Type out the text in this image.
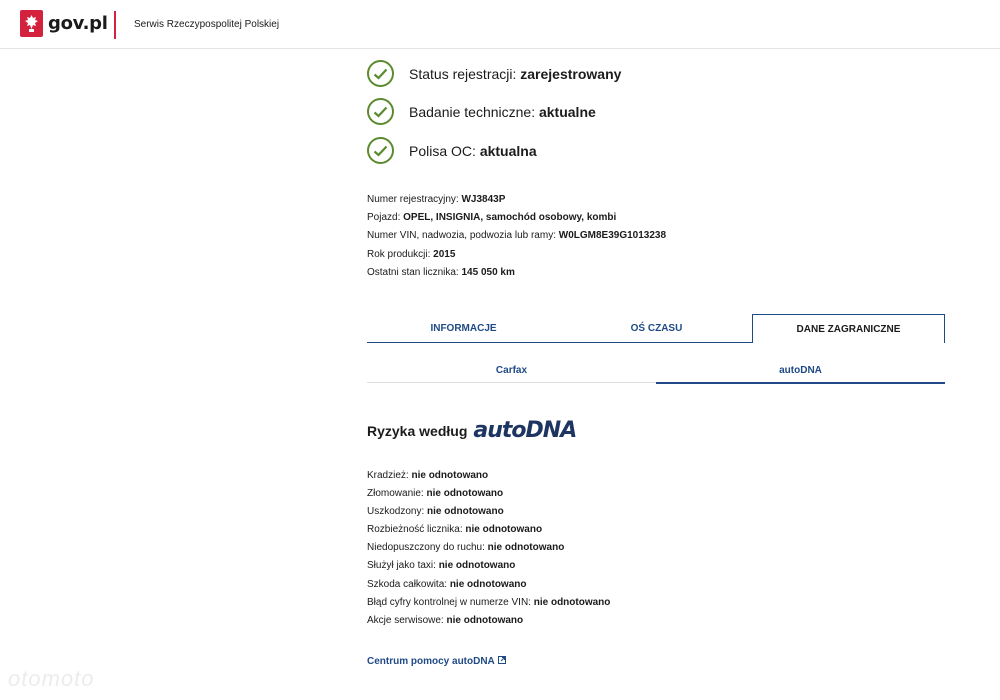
gov.pl	Serwis Rzeczypospolitej Polskiej
Status rejestracji: zarejestrowany
Badanie techniczne: aktualne
Polisa OC: aktualna
Numer rejestracyjny: WJ3843P
Pojazd: OPEL, INSIGNIA, samochód osobowy, kombi
Numer VIN, nadwozia, podwozia lub ramy: W0LGM8E39G1013238
Rok produkcji: 2015
Ostatni stan licznika: 145 050 km
INFORMACJE	OŚ CZASU	DANE ZAGRANICZNE
Carfax	autoDNA
Ryzyka według autoDNA
Kradzież: nie odnotowano
Złomowanie: nie odnotowano
Uszkodzony: nie odnotowano
Rozbieżność licznika: nie odnotowano
Niedopuszczony do ruchu: nie odnotowano
Służył jako taxi: nie odnotowano
Szkoda całkowita: nie odnotowano
Błąd cyfry kontrolnej w numerze VIN: nie odnotowano
Akcje serwisowe: nie odnotowano
Centrum pomocy autoDNA
otomoto
